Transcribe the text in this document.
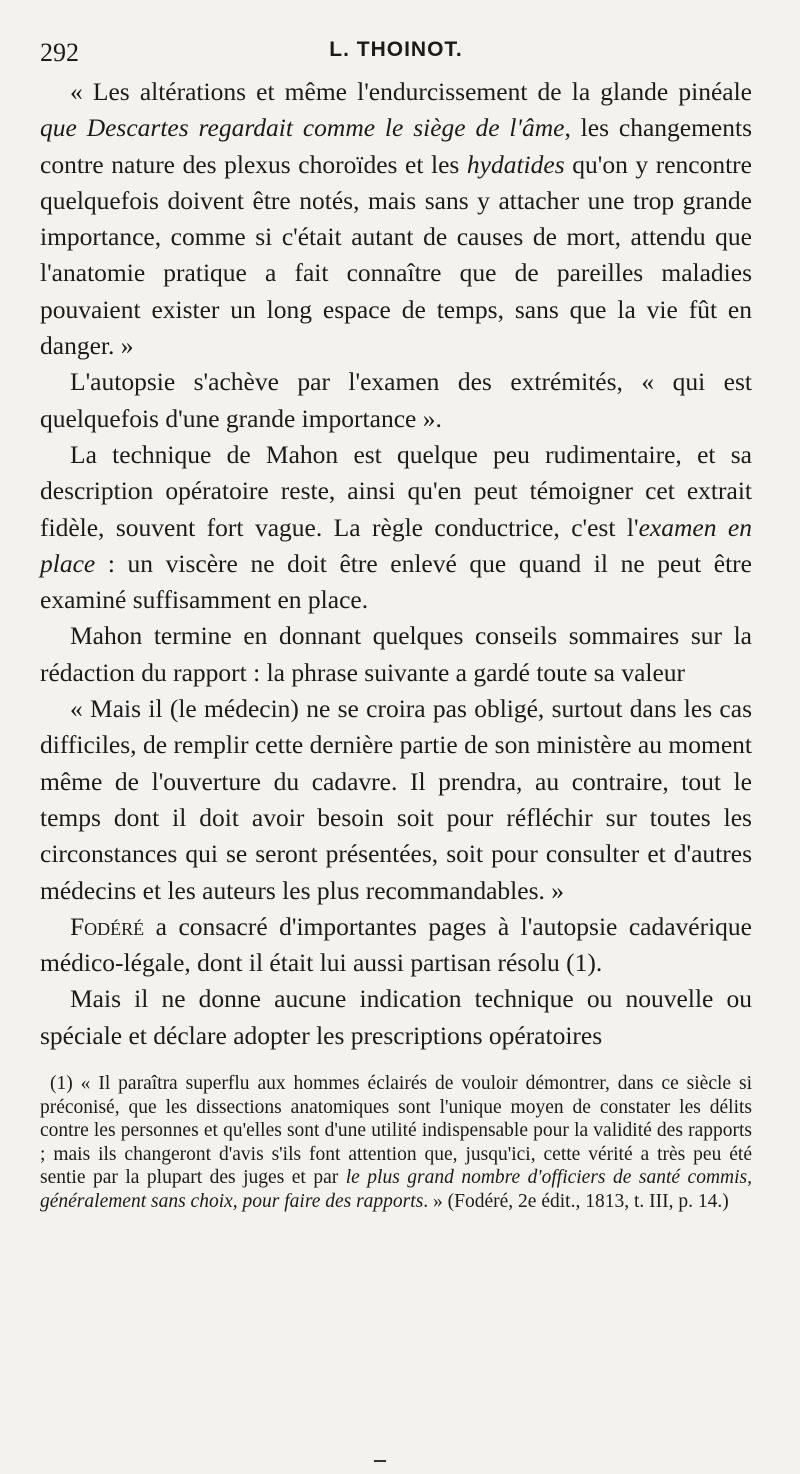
292	L. THOINOT.

« Les altérations et même l'endurcissement de la glande pinéale que Descartes regardait comme le siège de l'âme, les changements contre nature des plexus choroïdes et les hydatides qu'on y rencontre quelquefois doivent être notés, mais sans y attacher une trop grande importance, comme si c'était autant de causes de mort, attendu que l'anatomie pratique a fait connaître que de pareilles maladies pouvaient exister un long espace de temps, sans que la vie fût en danger. »

L'autopsie s'achève par l'examen des extrémités, « qui est quelquefois d'une grande importance ».

La technique de Mahon est quelque peu rudimentaire, et sa description opératoire reste, ainsi qu'en peut témoigner cet extrait fidèle, souvent fort vague. La règle conductrice, c'est l'examen en place : un viscère ne doit être enlevé que quand il ne peut être examiné suffisamment en place.

Mahon termine en donnant quelques conseils sommaires sur la rédaction du rapport : la phrase suivante a gardé toute sa valeur

« Mais il (le médecin) ne se croira pas obligé, surtout dans les cas difficiles, de remplir cette dernière partie de son ministère au moment même de l'ouverture du cadavre. Il prendra, au contraire, tout le temps dont il doit avoir besoin soit pour réfléchir sur toutes les circonstances qui se seront présentées, soit pour consulter et d'autres médecins et les auteurs les plus recommandables. »

Fodéré a consacré d'importantes pages à l'autopsie cadavérique médico-légale, dont il était lui aussi partisan résolu (1).

Mais il ne donne aucune indication technique ou nouvelle ou spéciale et déclare adopter les prescriptions opératoires

(1) « Il paraîtra superflu aux hommes éclairés de vouloir démontrer, dans ce siècle si préconisé, que les dissections anatomiques sont l'unique moyen de constater les délits contre les personnes et qu'elles sont d'une utilité indispensable pour la validité des rapports ; mais ils changeront d'avis s'ils font attention que, jusqu'ici, cette vérité a très peu été sentie par la plupart des juges et par le plus grand nombre d'officiers de santé commis, généralement sans choix, pour faire des rapports. » (Fodéré, 2e édit., 1813, t. III, p. 14.)
